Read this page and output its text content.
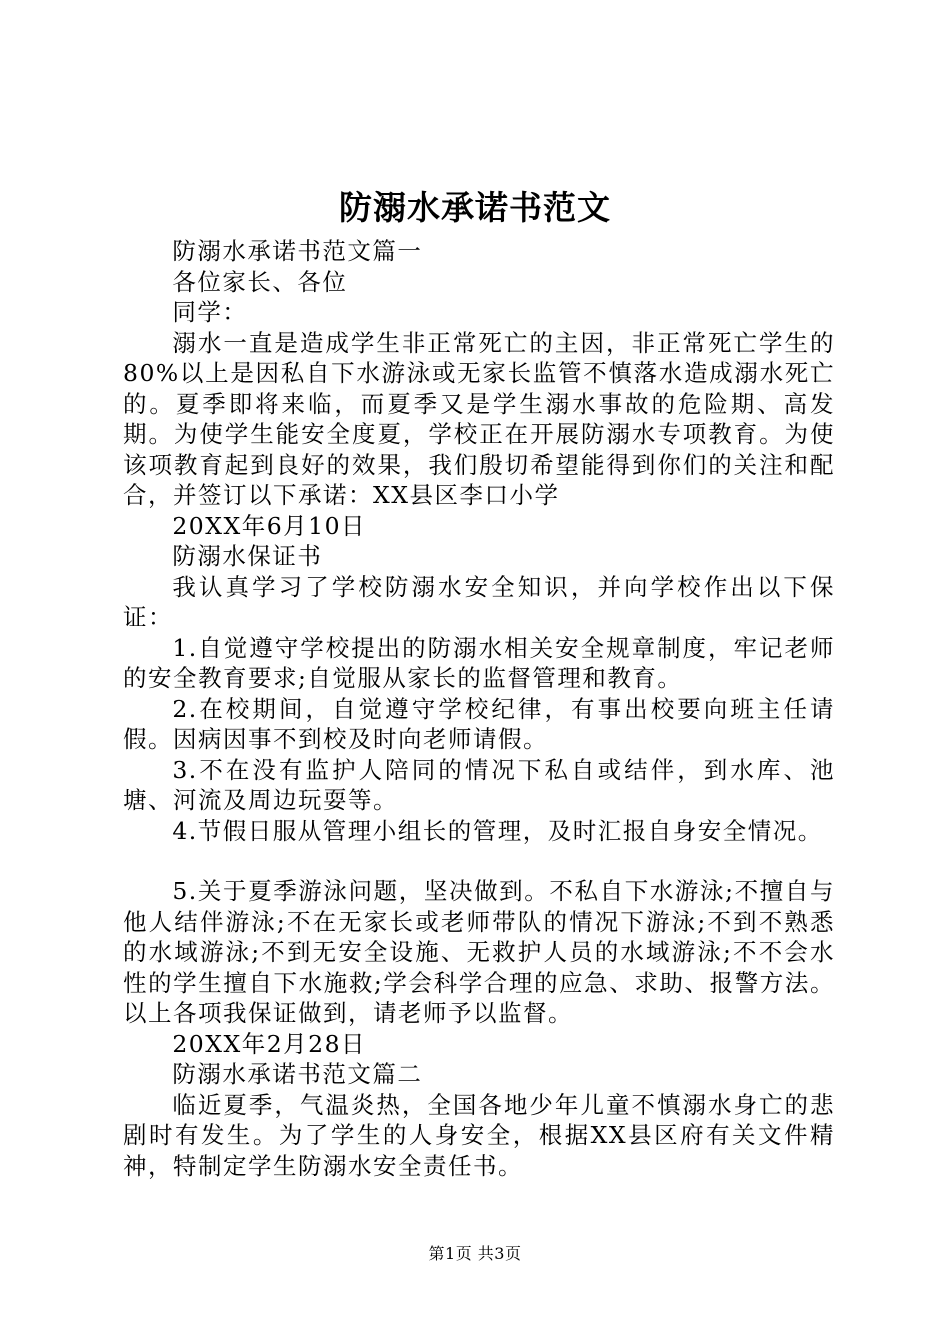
防溺水承诺书范文

防溺水承诺书范文篇一

各位家长、各位

同学：

溺水一直是造成学生非正常死亡的主因，非正常死亡学生的80%以上是因私自下水游泳或无家长监管不慎落水造成溺水死亡的。夏季即将来临，而夏季又是学生溺水事故的危险期、高发期。为使学生能安全度夏，学校正在开展防溺水专项教育。为使该项教育起到良好的效果，我们殷切希望能得到你们的关注和配合，并签订以下承诺：XX县区李口小学

20XX年6月10日

防溺水保证书

我认真学习了学校防溺水安全知识，并向学校作出以下保证：

1.自觉遵守学校提出的防溺水相关安全规章制度，牢记老师的安全教育要求;自觉服从家长的监督管理和教育。

2.在校期间，自觉遵守学校纪律，有事出校要向班主任请假。因病因事不到校及时向老师请假。

3.不在没有监护人陪同的情况下私自或结伴，到水库、池塘、河流及周边玩耍等。

4.节假日服从管理小组长的管理，及时汇报自身安全情况。

5.关于夏季游泳问题，坚决做到。不私自下水游泳;不擅自与他人结伴游泳;不在无家长或老师带队的情况下游泳;不到不熟悉的水域游泳;不到无安全设施、无救护人员的水域游泳;不不会水性的学生擅自下水施救;学会科学合理的应急、求助、报警方法。以上各项我保证做到，请老师予以监督。

20XX年2月28日

防溺水承诺书范文篇二

临近夏季，气温炎热，全国各地少年儿童不慎溺水身亡的悲剧时有发生。为了学生的人身安全，根据XX县区府有关文件精神，特制定学生防溺水安全责任书。

第1页 共3页
